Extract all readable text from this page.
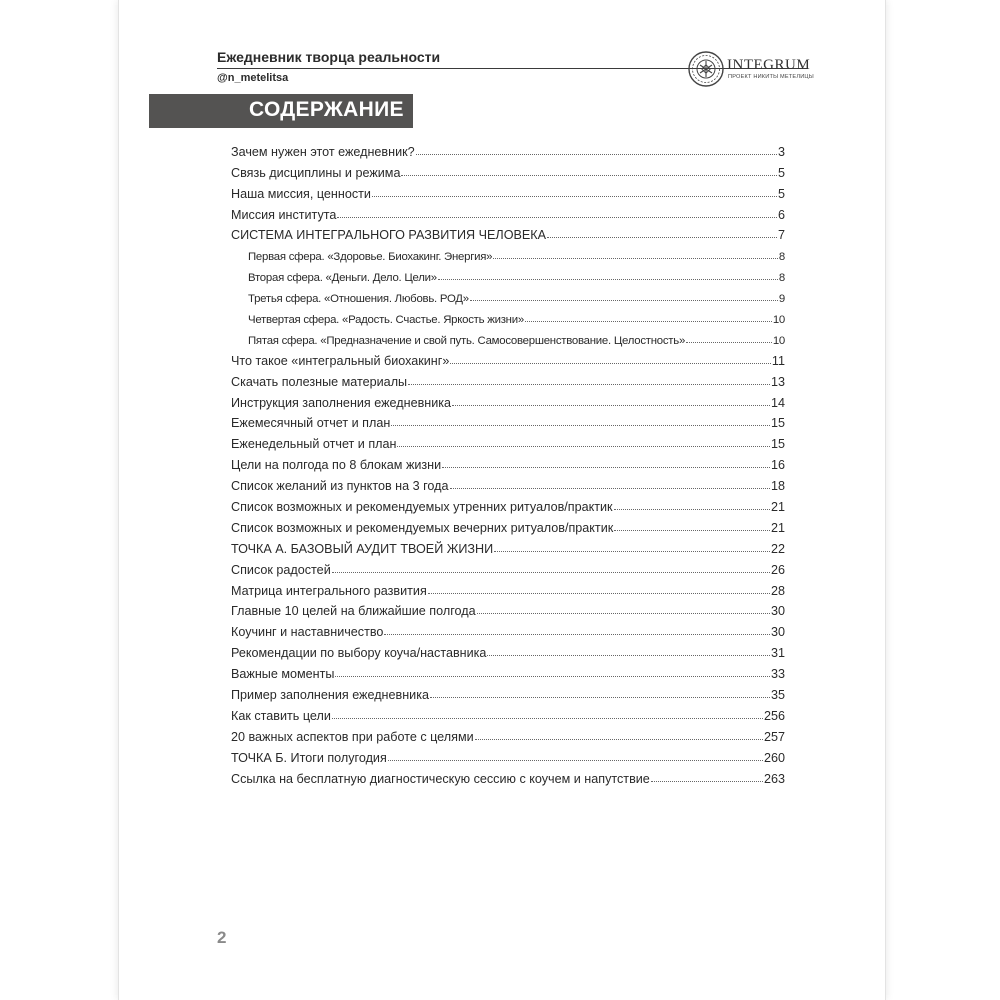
Ежедневник творца реальности
@n_metelitsa
INTEGRUM
ПРОЕКТ НИКИТЫ МЕТЕЛИЦЫ
СОДЕРЖАНИЕ
Зачем нужен этот ежедневник?	3
Связь дисциплины и режима	5
Наша миссия, ценности	5
Миссия института	6
СИСТЕМА ИНТЕГРАЛЬНОГО РАЗВИТИЯ ЧЕЛОВЕКА	7
Первая сфера. «Здоровье. Биохакинг. Энергия»	8
Вторая сфера. «Деньги. Дело. Цели»	8
Третья сфера. «Отношения. Любовь. РОД»	9
Четвертая сфера. «Радость. Счастье. Яркость жизни»	10
Пятая сфера. «Предназначение и свой путь. Самосовершенствование. Целостность»	10
Что такое «интегральный биохакинг»	11
Скачать полезные материалы	13
Инструкция заполнения ежедневника	14
Ежемесячный отчет и план	15
Еженедельный отчет и план	15
Цели на полгода по 8 блокам жизни	16
Список желаний из пунктов на 3 года	18
Список возможных и рекомендуемых утренних ритуалов/практик	21
Список возможных и рекомендуемых вечерних ритуалов/практик	21
ТОЧКА А. БАЗОВЫЙ АУДИТ ТВОЕЙ ЖИЗНИ	22
Список радостей	26
Матрица интегрального развития	28
Главные 10 целей на ближайшие полгода	30
Коучинг и наставничество	30
Рекомендации по выбору коуча/наставника	31
Важные моменты	33
Пример заполнения ежедневника	35
Как ставить цели	256
20 важных аспектов при работе с целями	257
ТОЧКА Б. Итоги полугодия	260
Ссылка на бесплатную диагностическую сессию с коучем и напутствие	263
2
